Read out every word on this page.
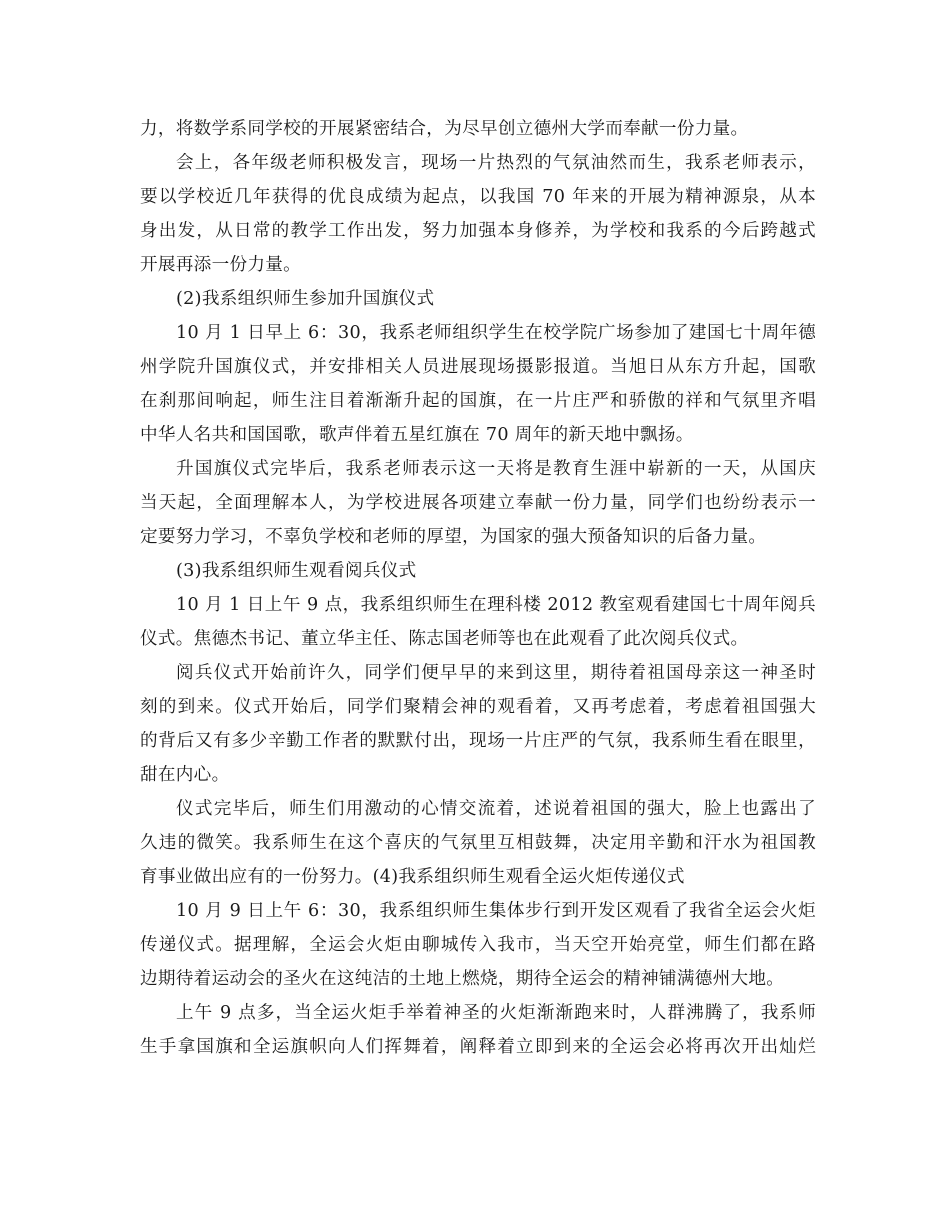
力，将数学系同学校的开展紧密结合，为尽早创立德州大学而奉献一份力量。
会上，各年级老师积极发言，现场一片热烈的气氛油然而生，我系老师表示，
要以学校近几年获得的优良成绩为起点，以我国 70 年来的开展为精神源泉，从本
身出发，从日常的教学工作出发，努力加强本身修养，为学校和我系的今后跨越式
开展再添一份力量。
(2)我系组织师生参加升国旗仪式
10 月 1 日早上 6：30，我系老师组织学生在校学院广场参加了建国七十周年德
州学院升国旗仪式，并安排相关人员进展现场摄影报道。当旭日从东方升起，国歌
在刹那间响起，师生注目着渐渐升起的国旗，在一片庄严和骄傲的祥和气氛里齐唱
中华人名共和国国歌，歌声伴着五星红旗在 70 周年的新天地中飘扬。
升国旗仪式完毕后，我系老师表示这一天将是教育生涯中崭新的一天，从国庆
当天起，全面理解本人，为学校进展各项建立奉献一份力量，同学们也纷纷表示一
定要努力学习，不辜负学校和老师的厚望，为国家的强大预备知识的后备力量。
(3)我系组织师生观看阅兵仪式
10 月 1 日上午 9 点，我系组织师生在理科楼 2012 教室观看建国七十周年阅兵
仪式。焦德杰书记、董立华主任、陈志国老师等也在此观看了此次阅兵仪式。
阅兵仪式开始前许久，同学们便早早的来到这里，期待着祖国母亲这一神圣时
刻的到来。仪式开始后，同学们聚精会神的观看着，又再考虑着，考虑着祖国强大
的背后又有多少辛勤工作者的默默付出，现场一片庄严的气氛，我系师生看在眼里，
甜在内心。
仪式完毕后，师生们用激动的心情交流着，述说着祖国的强大，脸上也露出了
久违的微笑。我系师生在这个喜庆的气氛里互相鼓舞，决定用辛勤和汗水为祖国教
育事业做出应有的一份努力。(4)我系组织师生观看全运火炬传递仪式
10 月 9 日上午 6：30，我系组织师生集体步行到开发区观看了我省全运会火炬
传递仪式。据理解，全运会火炬由聊城传入我市，当天空开始亮堂，师生们都在路
边期待着运动会的圣火在这纯洁的土地上燃烧，期待全运会的精神铺满德州大地。
上午 9 点多，当全运火炬手举着神圣的火炬渐渐跑来时，人群沸腾了，我系师
生手拿国旗和全运旗帜向人们挥舞着，阐释着立即到来的全运会必将再次开出灿烂
